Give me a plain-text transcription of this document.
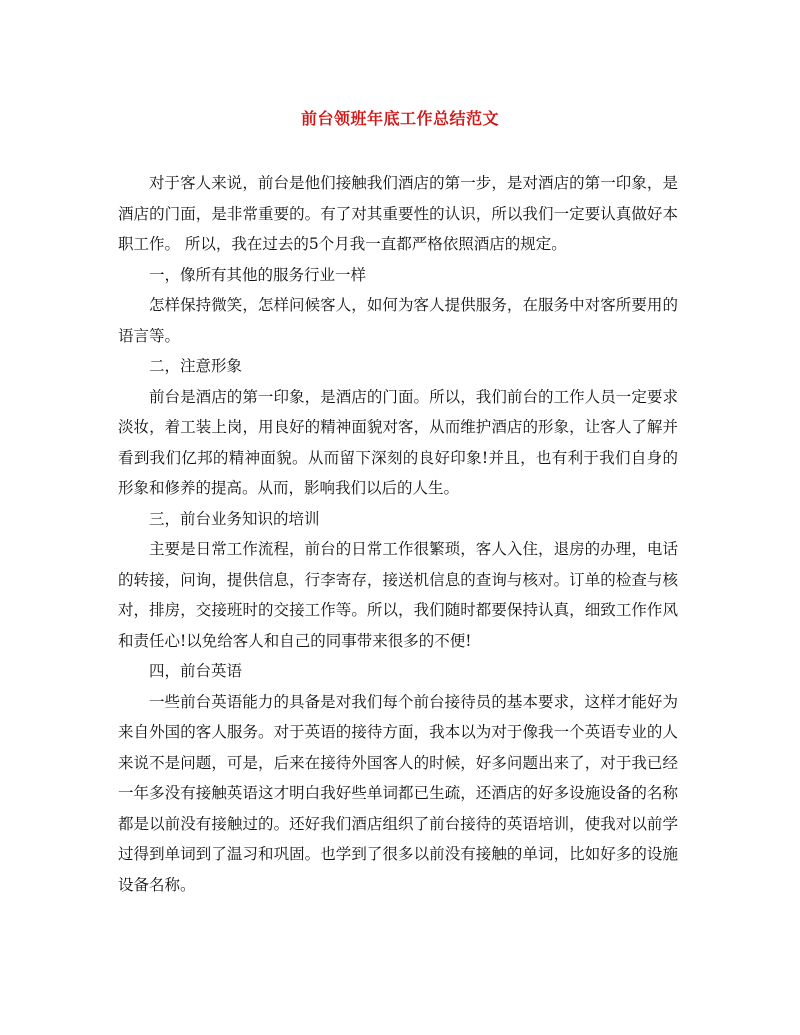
前台领班年底工作总结范文

对于客人来说，前台是他们接触我们酒店的第一步，是对酒店的第一印象，是酒店的门面，是非常重要的。有了对其重要性的认识，所以我们一定要认真做好本职工作。 所以，我在过去的5个月我一直都严格依照酒店的规定。

一，像所有其他的服务行业一样

怎样保持微笑，怎样问候客人，如何为客人提供服务，在服务中对客所要用的语言等。

二，注意形象

前台是酒店的第一印象，是酒店的门面。所以，我们前台的工作人员一定要求淡妆，着工装上岗，用良好的精神面貌对客，从而维护酒店的形象，让客人了解并看到我们亿邦的精神面貌。从而留下深刻的良好印象!并且，也有利于我们自身的形象和修养的提高。从而，影响我们以后的人生。

三，前台业务知识的培训

主要是日常工作流程，前台的日常工作很繁琐，客人入住，退房的办理，电话的转接，问询，提供信息，行李寄存，接送机信息的查询与核对。订单的检查与核对，排房，交接班时的交接工作等。所以，我们随时都要保持认真，细致工作作风和责任心!以免给客人和自己的同事带来很多的不便!

四，前台英语

一些前台英语能力的具备是对我们每个前台接待员的基本要求，这样才能好为来自外国的客人服务。对于英语的接待方面，我本以为对于像我一个英语专业的人来说不是问题，可是，后来在接待外国客人的时候，好多问题出来了，对于我已经一年多没有接触英语这才明白我好些单词都已生疏，还酒店的好多设施设备的名称都是以前没有接触过的。还好我们酒店组织了前台接待的英语培训，使我对以前学过得到单词到了温习和巩固。也学到了很多以前没有接触的单词，比如好多的设施设备名称。
